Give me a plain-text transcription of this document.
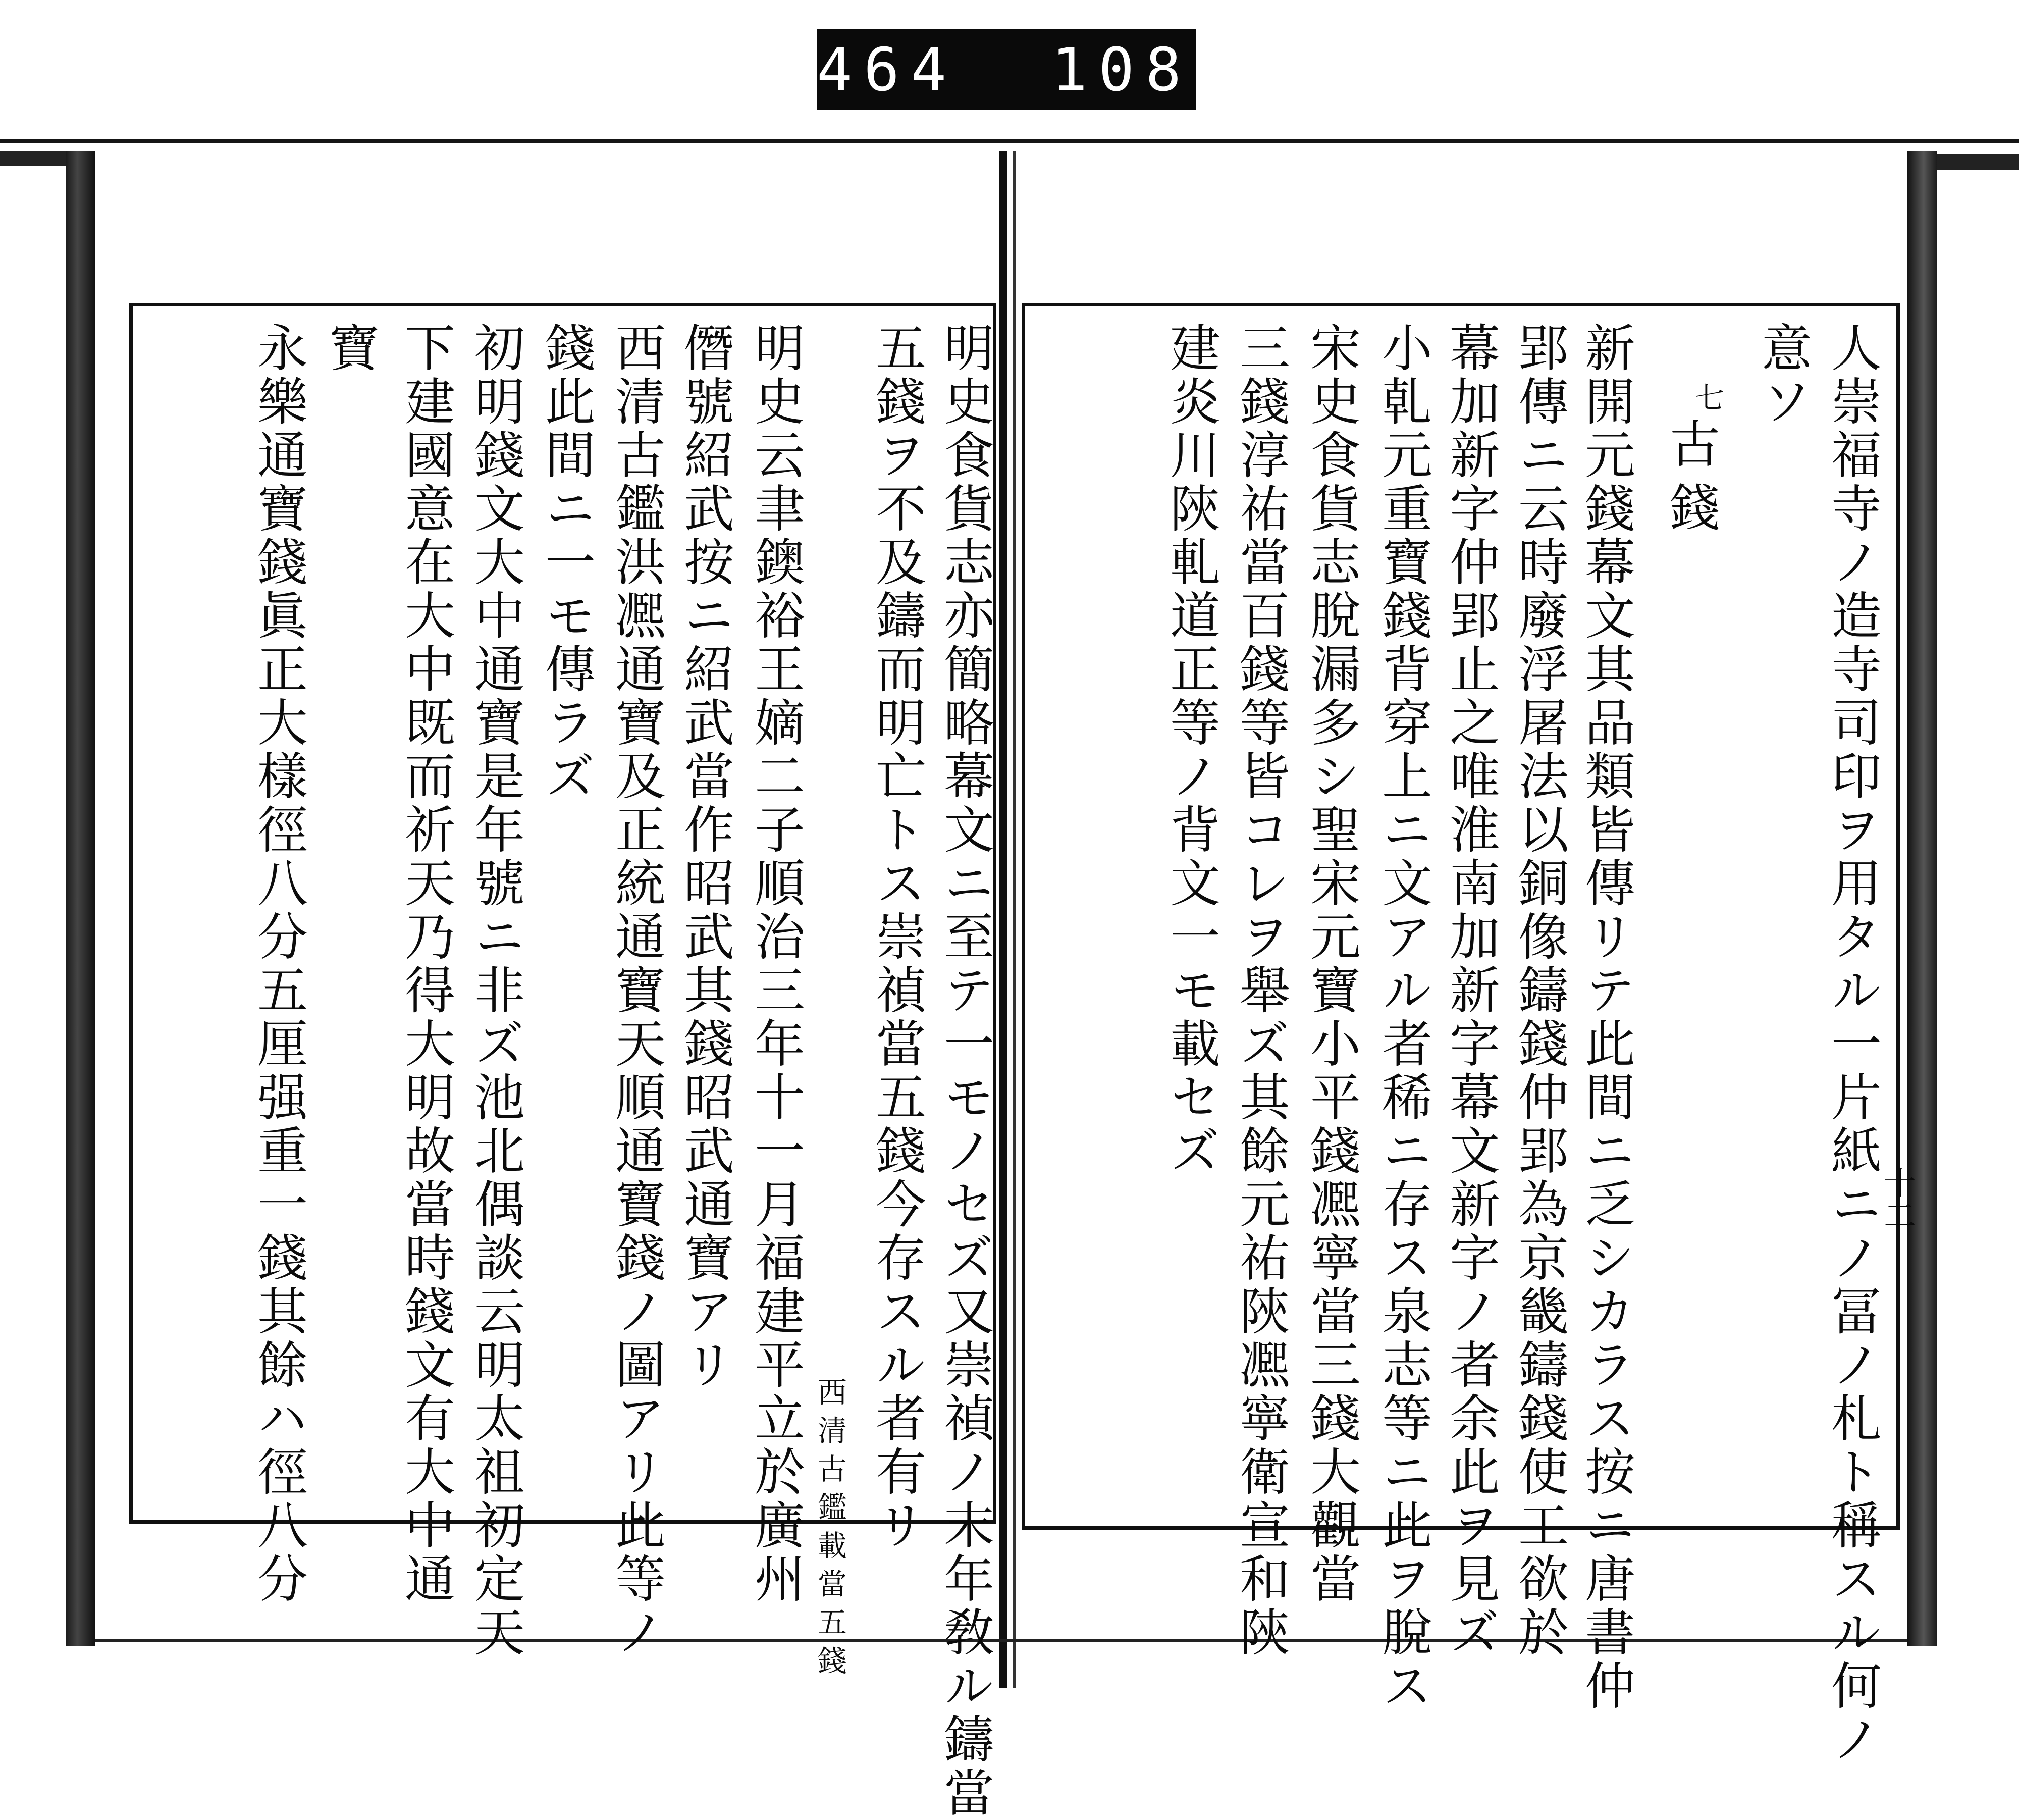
464  108.
明史食貨志亦簡略幕文ニ至テ一モノセズ又崇禎ノ末年敎ル鑄當
五錢ヲ不及鑄而明亡トス崇禎當五錢今存スル者有リ
西清古鑑載當五錢
明史云聿鐭裕王嫡二子順治三年十一月福建平立於廣州
僭號紹武按ニ紹武當作昭武其錢昭武通寶アリ
西清古鑑洪凞通寶及正統通寶天順通寶錢ノ圖アリ此等ノ
錢此間ニ一モ傳ラズ
初明錢文大中通寶是年號ニ非ズ池北偶談云明太祖初定天
下建國意在大中既而祈天乃得大明故當時錢文有大中通
寶
永樂通寶錢眞正大樣徑八分五厘强重一錢其餘ハ徑八分	人崇福寺ノ造寺司印ヲ用タル一片紙ニノ冨ノ札ト稱スル何ノ
意ソ
七
古錢
新開元錢幕文其品類皆傳リテ此間ニ乏シカラス按ニ唐書仲
郢傳ニ云時廢浮屠法以銅像鑄錢仲郢為京畿鑄錢使工欲於
幕加新字仲郢止之唯淮南加新字幕文新字ノ者余此ヲ見ズ
小乹元重寶錢背穿上ニ文アル者稀ニ存ス泉志等ニ此ヲ脫ス
宋史食貨志脫漏多シ聖宋元寶小平錢凞寧當三錢大觀當
三錢淳祐當百錢等皆コレヲ舉ズ其餘元祐陝凞寧衛宣和陝
建炎川陝軋道正等ノ背文一モ載セズ
十二
